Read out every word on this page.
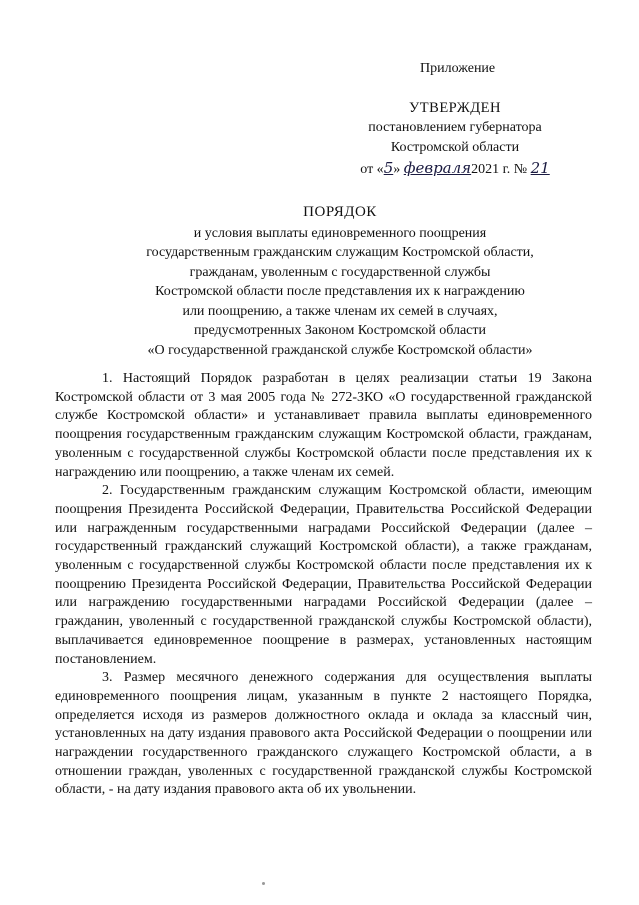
Приложение
УТВЕРЖДЕН
постановлением губернатора
Костромской области
от «5» февраля2021 г. № 21
ПОРЯДОК
и условия выплаты единовременного поощрения
государственным гражданским служащим Костромской области,
гражданам, уволенным с государственной службы
Костромской области после представления их к награждению
или поощрению, а также членам их семей в случаях,
предусмотренных Законом Костромской области
«О государственной гражданской службе Костромской области»

1. Настоящий Порядок разработан в целях реализации статьи 19 Закона Костромской области от 3 мая 2005 года № 272-ЗКО «О государственной гражданской службе Костромской области» и устанавливает правила выплаты единовременного поощрения государственным гражданским служащим Костромской области, гражданам, уволенным с государственной службы Костромской области после представления их к награждению или поощрению, а также членам их семей.

2. Государственным гражданским служащим Костромской области, имеющим поощрения Президента Российской Федерации, Правительства Российской Федерации или награжденным государственными наградами Российской Федерации (далее – государственный гражданский служащий Костромской области), а также гражданам, уволенным с государственной службы Костромской области после представления их к поощрению Президента Российской Федерации, Правительства Российской Федерации или награждению государственными наградами Российской Федерации (далее – гражданин, уволенный с государственной гражданской службы Костромской области), выплачивается единовременное поощрение в размерах, установленных настоящим постановлением.

3. Размер месячного денежного содержания для осуществления выплаты единовременного поощрения лицам, указанным в пункте 2 настоящего Порядка, определяется исходя из размеров должностного оклада и оклада за классный чин, установленных на дату издания правового акта Российской Федерации о поощрении или награждении государственного гражданского служащего Костромской области, а в отношении граждан, уволенных с государственной гражданской службы Костромской области, - на дату издания правового акта об их увольнении.
